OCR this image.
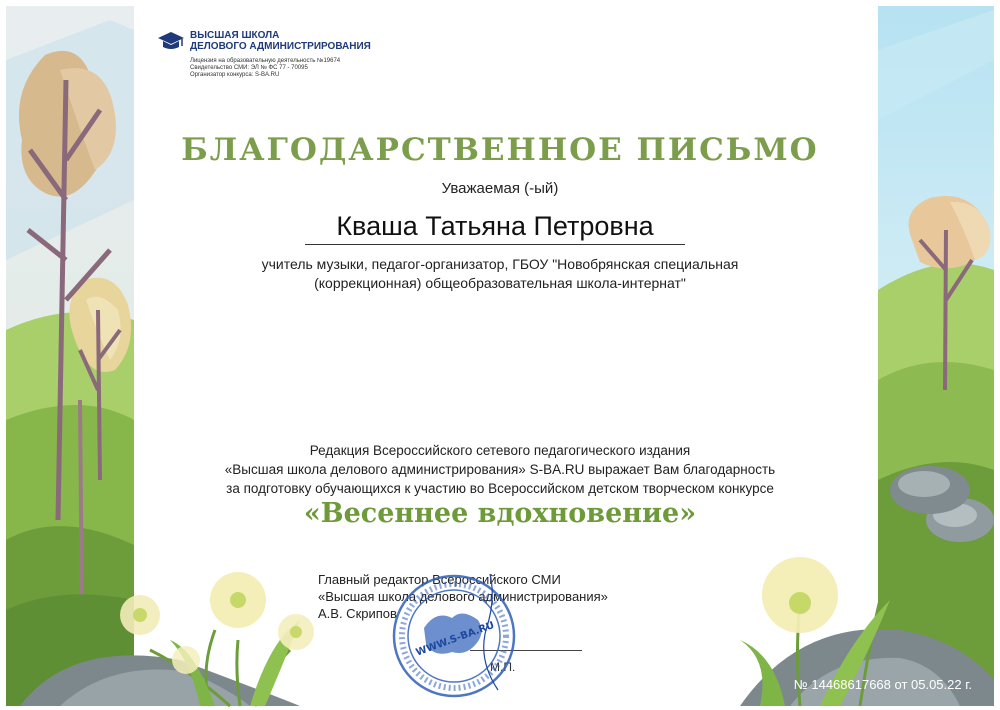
ВЫСШАЯ ШКОЛА
ДЕЛОВОГО АДМИНИСТРИРОВАНИЯ
Лицензия на образовательную деятельность №19674
Свидетельство СМИ: ЭЛ № ФС 77 - 70095
Организатор конкурса: S-BA.RU
БЛАГОДАРСТВЕННОЕ ПИСЬМО
Уважаемая (-ый)
Кваша Татьяна Петровна
учитель музыки, педагог-организатор, ГБОУ "Новобрянская специальная
(коррекционная) общеобразовательная школа-интернат"
Редакция Всероссийского сетевого педагогического издания
«Высшая школа делового администрирования» S-BA.RU выражает Вам благодарность
за подготовку обучающихся к участию во Всероссийском детском творческом конкурсе
«Весеннее вдохновение»
Главный редактор Всероссийского СМИ
«Высшая школа делового администрирования»
А.В. Скрипов
М.П.
WWW.S-BA.RU
№ 14468617668 от 05.05.22 г.
